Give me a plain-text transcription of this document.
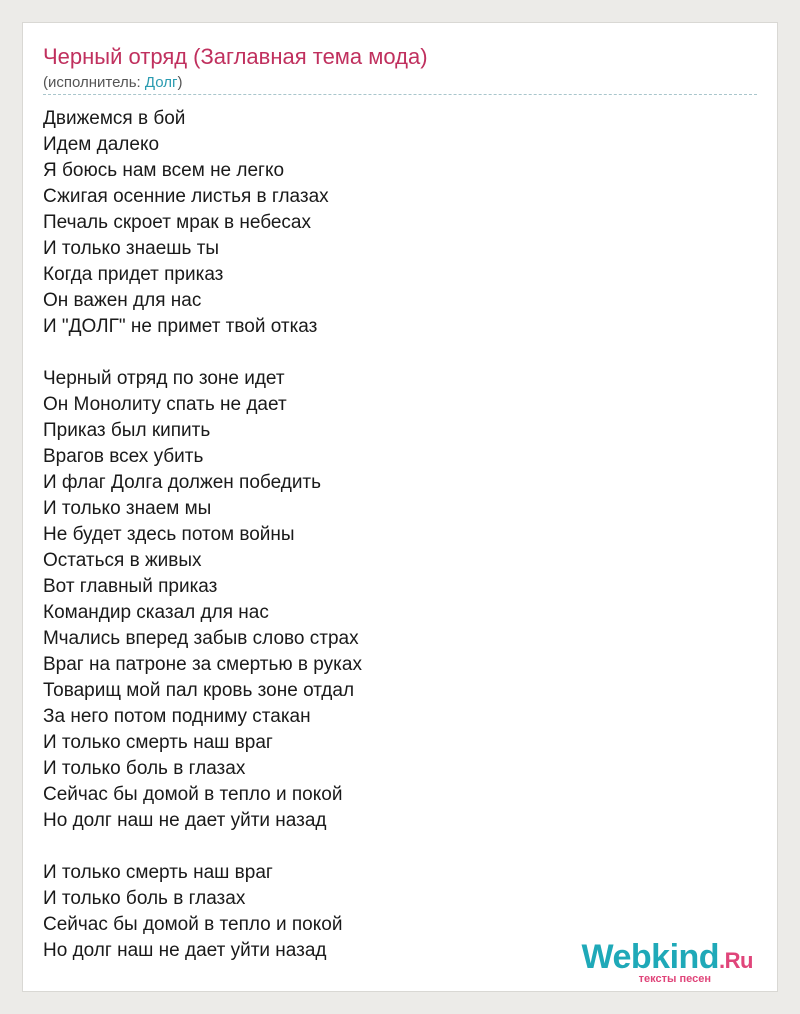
Черный отряд (Заглавная тема мода)
(исполнитель: Долг)
Движемся в бой
Идем далеко
Я боюсь нам всем не легко
Сжигая осенние листья в глазах
Печаль скроет мрак в небесах
И только знаешь ты
Когда придет приказ
Он важен для нас
И "ДОЛГ" не примет твой отказ
Черный отряд по зоне идет
Он Монолиту спать не дает
Приказ был кипить
Врагов всех убить
И флаг Долга должен победить
И только знаем мы
Не будет здесь потом войны
Остаться в живых
Вот главный приказ
Командир сказал для нас
Мчались вперед забыв слово страх
Враг на патроне за смертью в руках
Товарищ мой пал кровь зоне отдал
За него потом подниму стакан
И только смерть наш враг
И только боль в глазах
Сейчас бы домой в тепло и покой
Но долг наш не дает уйти назад
И только смерть наш враг
И только боль в глазах
Сейчас бы домой в тепло и покой
Но долг наш не дает уйти назад	Webkind.Ru
тексты песен
